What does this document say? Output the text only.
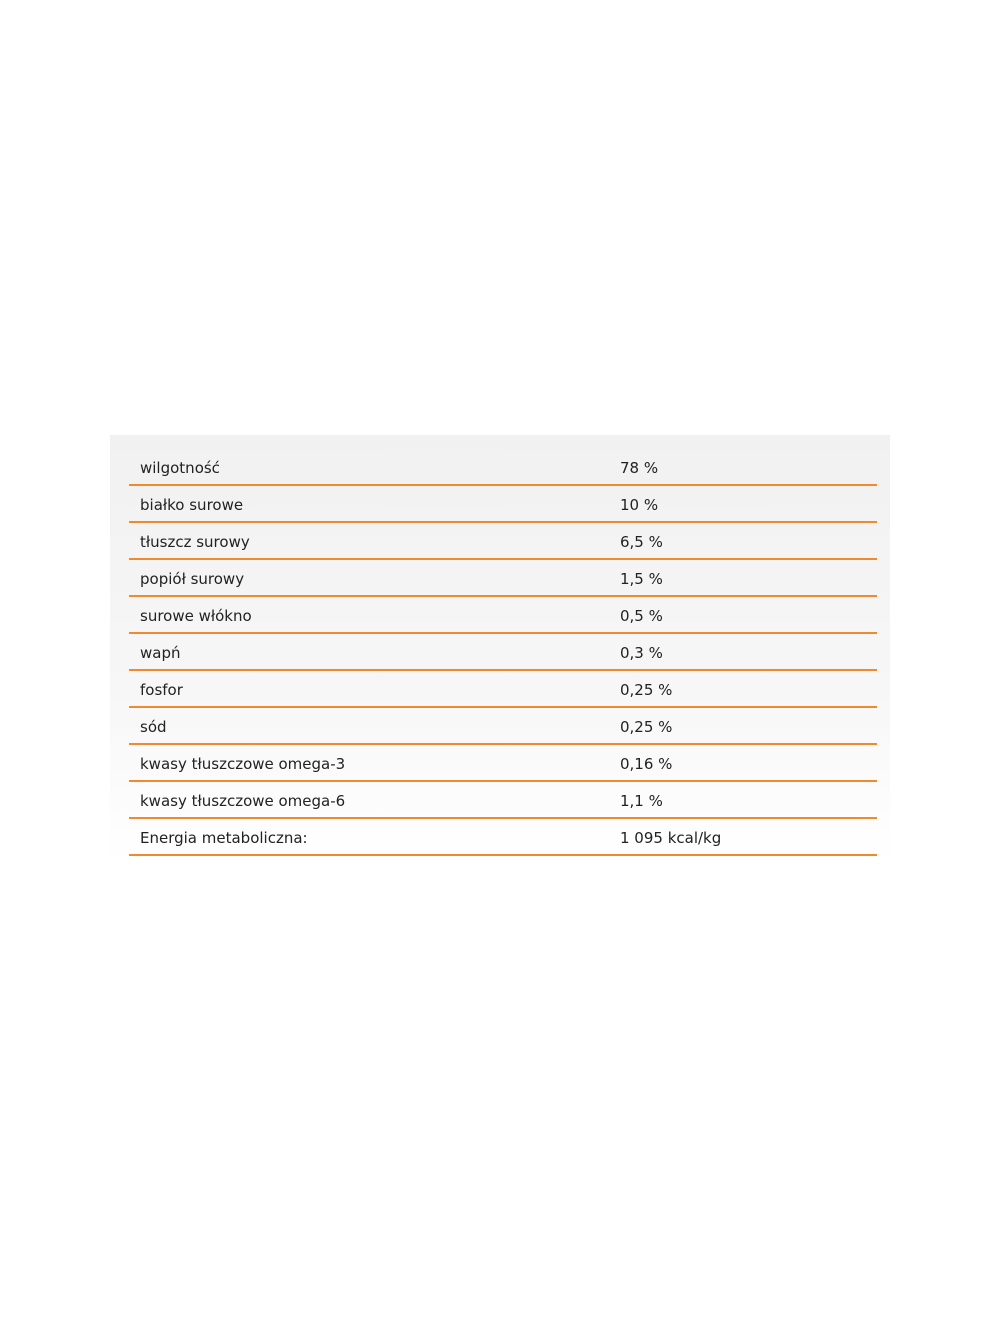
wilgotność	78 %
białko surowe	10 %
tłuszcz surowy	6,5 %
popiół surowy	1,5 %
surowe włókno	0,5 %
wapń	0,3 %
fosfor	0,25 %
sód	0,25 %
kwasy tłuszczowe omega-3	0,16 %
kwasy tłuszczowe omega-6	1,1 %
Energia metaboliczna:	1 095 kcal/kg
